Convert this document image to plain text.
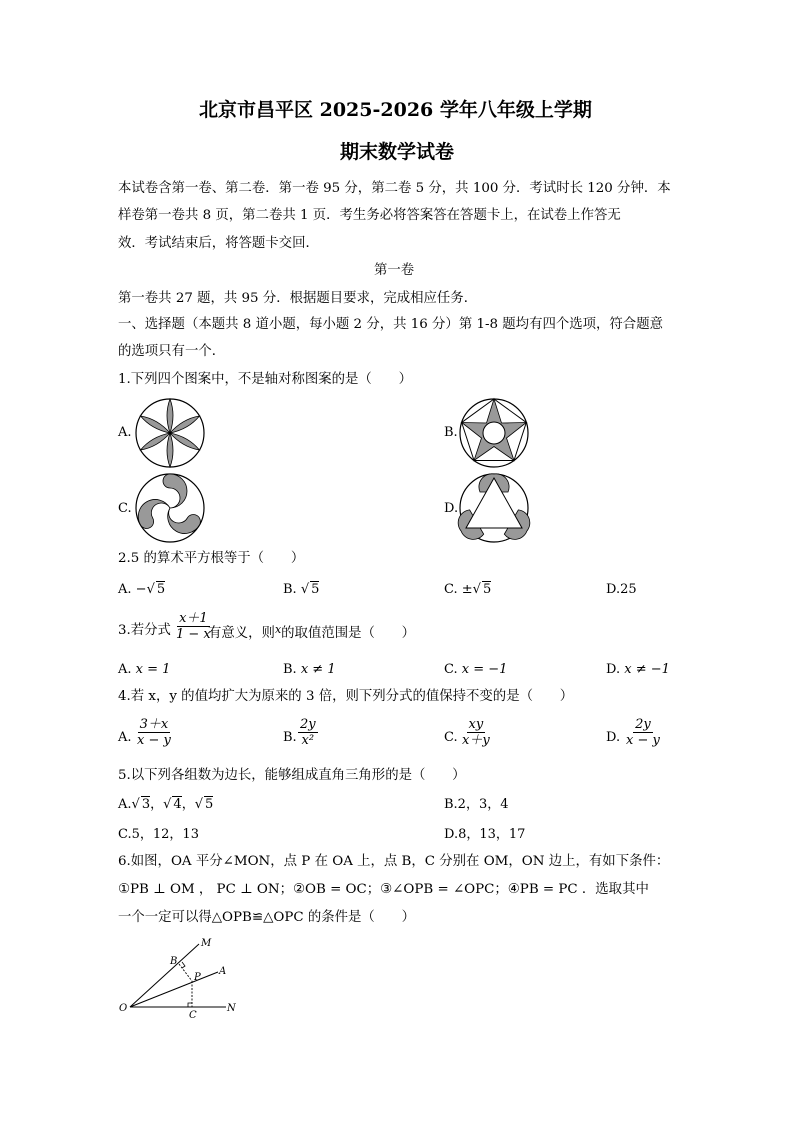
北京市昌平区 2025-2026 学年八年级上学期
期末数学试卷
本试卷含第一卷、第二卷．第一卷 95 分，第二卷 5 分，共 100 分．考试时长 120 分钟．本
样卷第一卷共 8 页，第二卷共 1 页．考生务必将答案答在答题卡上，在试卷上作答无
效．考试结束后，将答题卡交回．
第一卷
第一卷共 27 题，共 95 分．根据题目要求，完成相应任务．
一、选择题（本题共 8 道小题，每小题 2 分，共 16 分）第 1-8 题均有四个选项，符合题意
的选项只有一个．
1.下列四个图案中，不是轴对称图案的是（　　）
A.	B.
C.	D.
2.5 的算术平方根等于（　　）
A. −√ 5	B. √ 5	C. ±√ 5	D.25
3.若分式 $\frac{x+1}{1 - x}$
有意义，则$^x$的取值范围是（　　）
A. x = 1	B. x ≠ 1	C. x = −1	D. x ≠ −1
4.若 x，y 的值均扩大为原来的 3 倍，则下列分式的值保持不变的是（　　）
A. $\frac{3+x}{x - y}$	B. $\frac{2y}{\text{x²}}$	C. $\frac{xy}{x+y}$	D. $\frac{2y}{x - y}$
5.以下列各组数为边长，能够组成直角三角形的是（　　）
A.√ 3，√ 4，√ 5	B.2，3，4
C.5，12，13	D.8，13，17
6.如图，OA 平分∠MON，点 P 在 OA 上，点 B，C 分别在 OM，ON 边上，有如下条件：
①PB ⊥ OM ， PC ⊥ ON；②OB = OC；③∠OPB = ∠OPC；④PB = PC ．选取其中
一个一定可以得△OPB≌△OPC 的条件是（　　）
M
B
P
A
O
C
N
